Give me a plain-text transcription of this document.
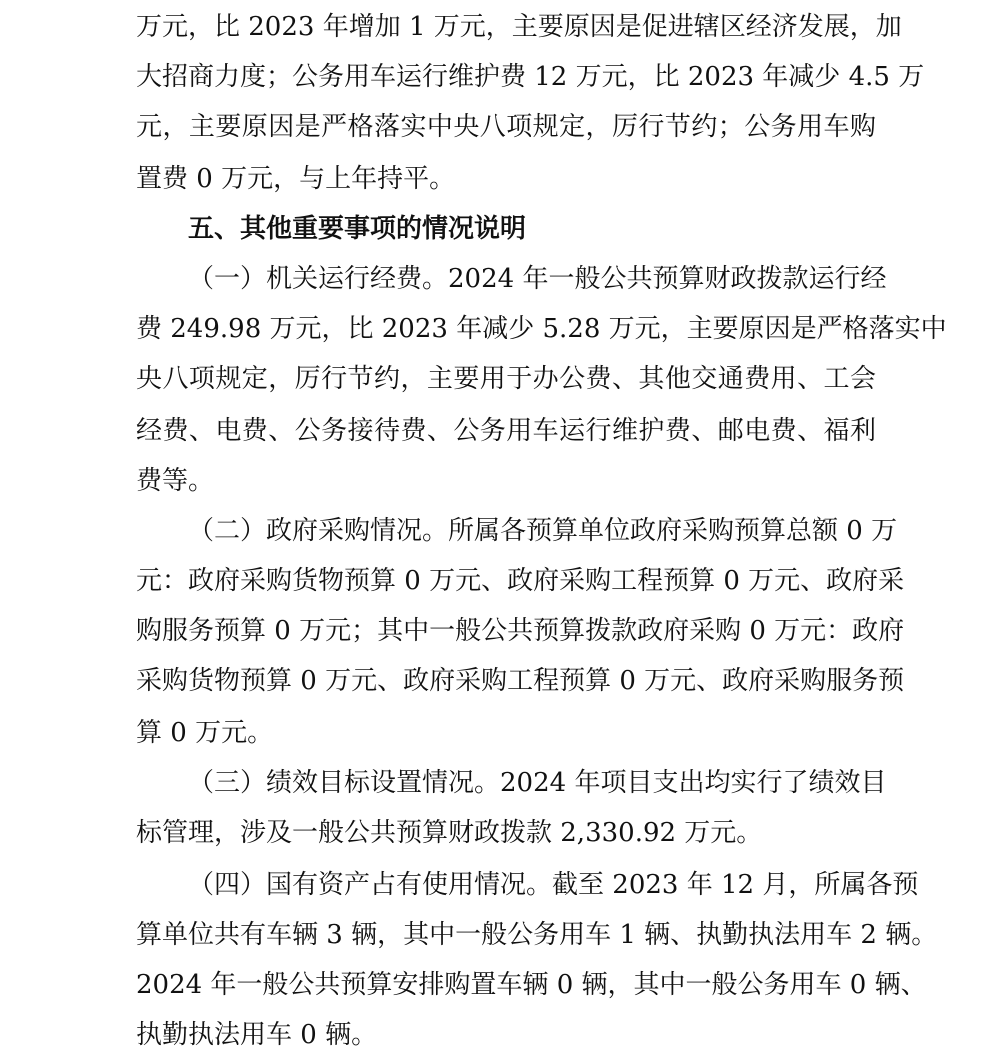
万元，比 2023 年增加 1 万元，主要原因是促进辖区经济发展，加
大招商力度；公务用车运行维护费 12 万元，比 2023 年减少 4.5 万
元，主要原因是严格落实中央八项规定，厉行节约；公务用车购
置费 0 万元，与上年持平。
五、其他重要事项的情况说明
（一）机关运行经费。2024 年一般公共预算财政拨款运行经
费 249.98 万元，比 2023 年减少 5.28 万元，主要原因是严格落实中
央八项规定，厉行节约，主要用于办公费、其他交通费用、工会
经费、电费、公务接待费、公务用车运行维护费、邮电费、福利
费等。
（二）政府采购情况。所属各预算单位政府采购预算总额 0 万
元：政府采购货物预算 0 万元、政府采购工程预算 0 万元、政府采
购服务预算 0 万元；其中一般公共预算拨款政府采购 0 万元：政府
采购货物预算 0 万元、政府采购工程预算 0 万元、政府采购服务预
算 0 万元。
（三）绩效目标设置情况。2024 年项目支出均实行了绩效目
标管理，涉及一般公共预算财政拨款 2,330.92 万元。
（四）国有资产占有使用情况。截至 2023 年 12 月，所属各预
算单位共有车辆 3 辆，其中一般公务用车 1 辆、执勤执法用车 2 辆。
2024 年一般公共预算安排购置车辆 0 辆，其中一般公务用车 0 辆、
执勤执法用车 0 辆。
